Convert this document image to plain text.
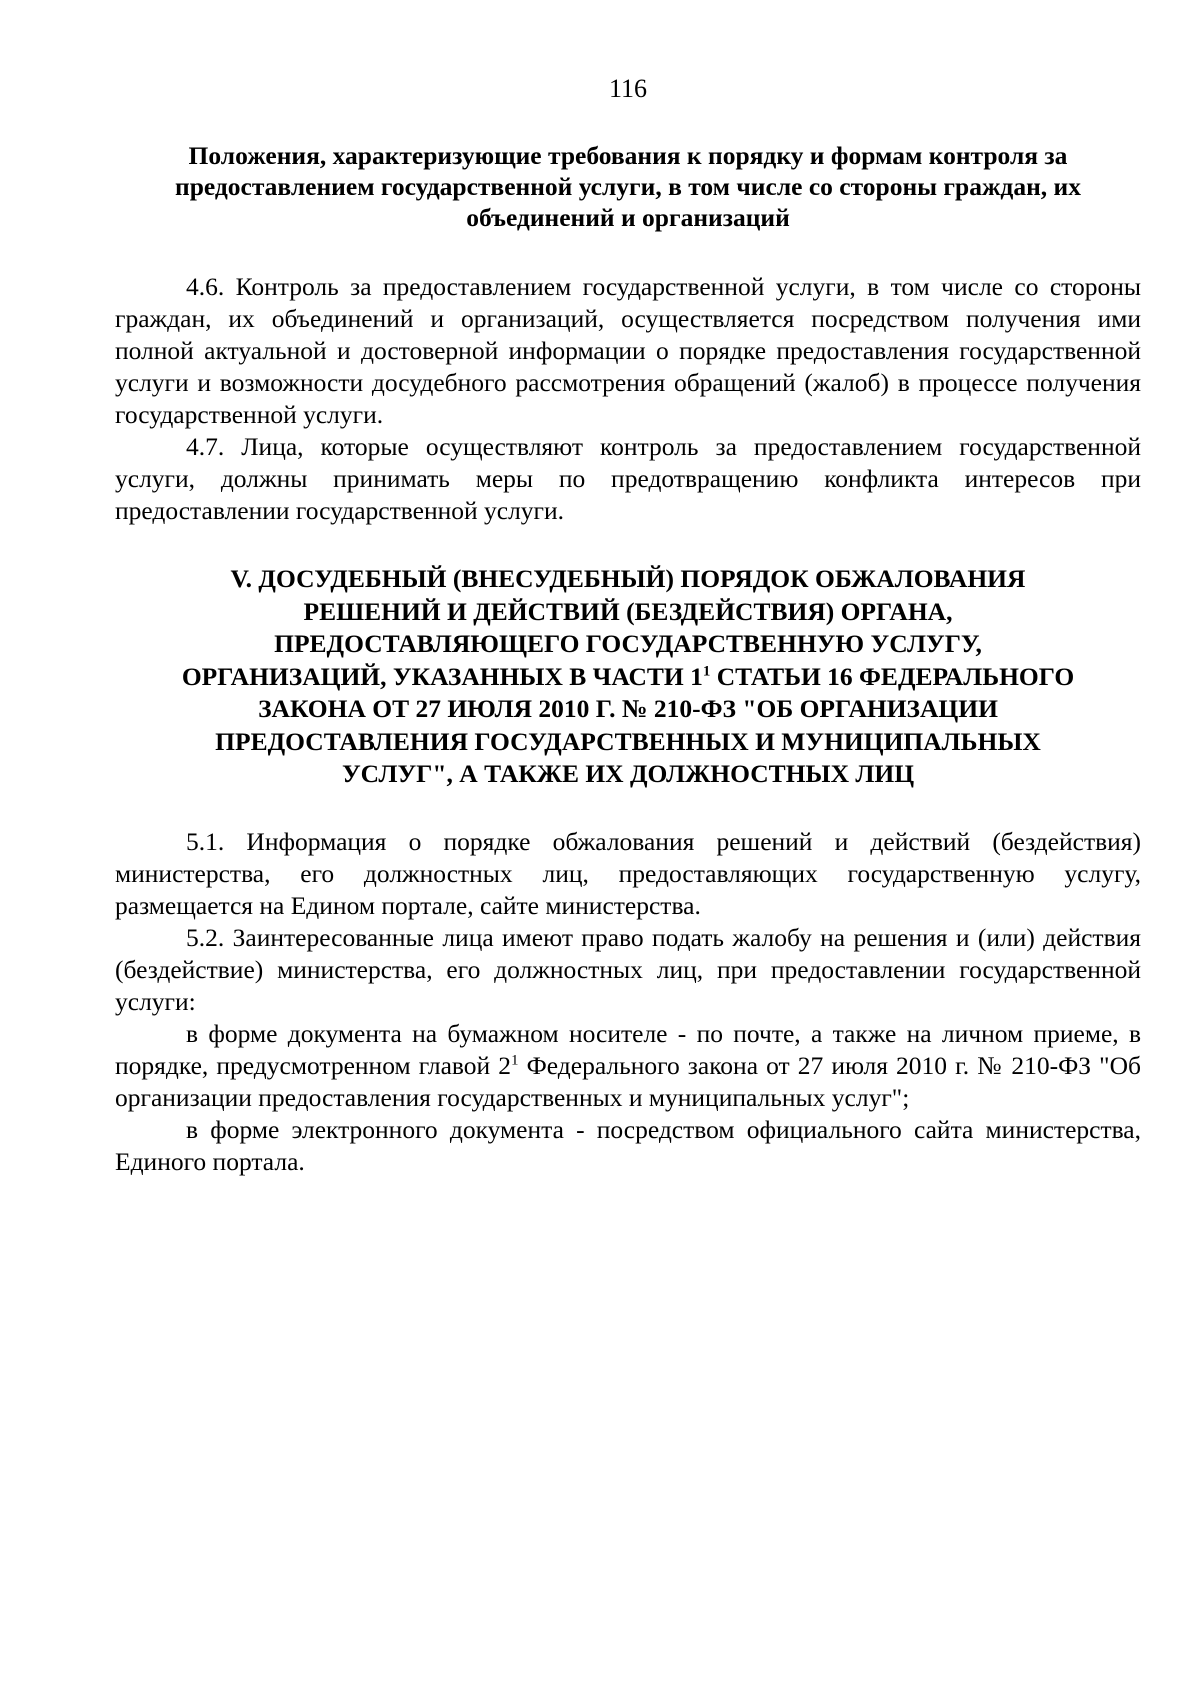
116
Положения, характеризующие требования к порядку и формам контроля за предоставлением государственной услуги, в том числе со стороны граждан, их объединений и организаций

4.6. Контроль за предоставлением государственной услуги, в том числе со стороны граждан, их объединений и организаций, осуществляется посредством получения ими полной актуальной и достоверной информации о порядке предоставления государственной услуги и возможности досудебного рассмотрения обращений (жалоб) в процессе получения государственной услуги.

4.7. Лица, которые осуществляют контроль за предоставлением государственной услуги, должны принимать меры по предотвращению конфликта интересов при предоставлении государственной услуги.

V. ДОСУДЕБНЫЙ (ВНЕСУДЕБНЫЙ) ПОРЯДОК ОБЖАЛОВАНИЯ
РЕШЕНИЙ И ДЕЙСТВИЙ (БЕЗДЕЙСТВИЯ) ОРГАНА,
ПРЕДОСТАВЛЯЮЩЕГО ГОСУДАРСТВЕННУЮ УСЛУГУ,
ОРГАНИЗАЦИЙ, УКАЗАННЫХ В ЧАСТИ $1^1$ СТАТЬИ 16 ФЕДЕРАЛЬНОГО
ЗАКОНА ОТ 27 ИЮЛЯ 2010 Г. № 210-ФЗ "ОБ ОРГАНИЗАЦИИ
ПРЕДОСТАВЛЕНИЯ ГОСУДАРСТВЕННЫХ И МУНИЦИПАЛЬНЫХ
УСЛУГ", А ТАКЖЕ ИХ ДОЛЖНОСТНЫХ ЛИЦ

5.1. Информация о порядке обжалования решений и действий (бездействия) министерства, его должностных лиц, предоставляющих государственную услугу, размещается на Едином портале, сайте министерства.

5.2. Заинтересованные лица имеют право подать жалобу на решения и (или) действия (бездействие) министерства, его должностных лиц, при предоставлении государственной услуги:

в форме документа на бумажном носителе - по почте, а также на личном приеме, в порядке, предусмотренном главой $2^1$ Федерального закона от 27 июля 2010 г. № 210-ФЗ "Об организации предоставления государственных и муниципальных услуг";

в форме электронного документа - посредством официального сайта министерства, Единого портала.
